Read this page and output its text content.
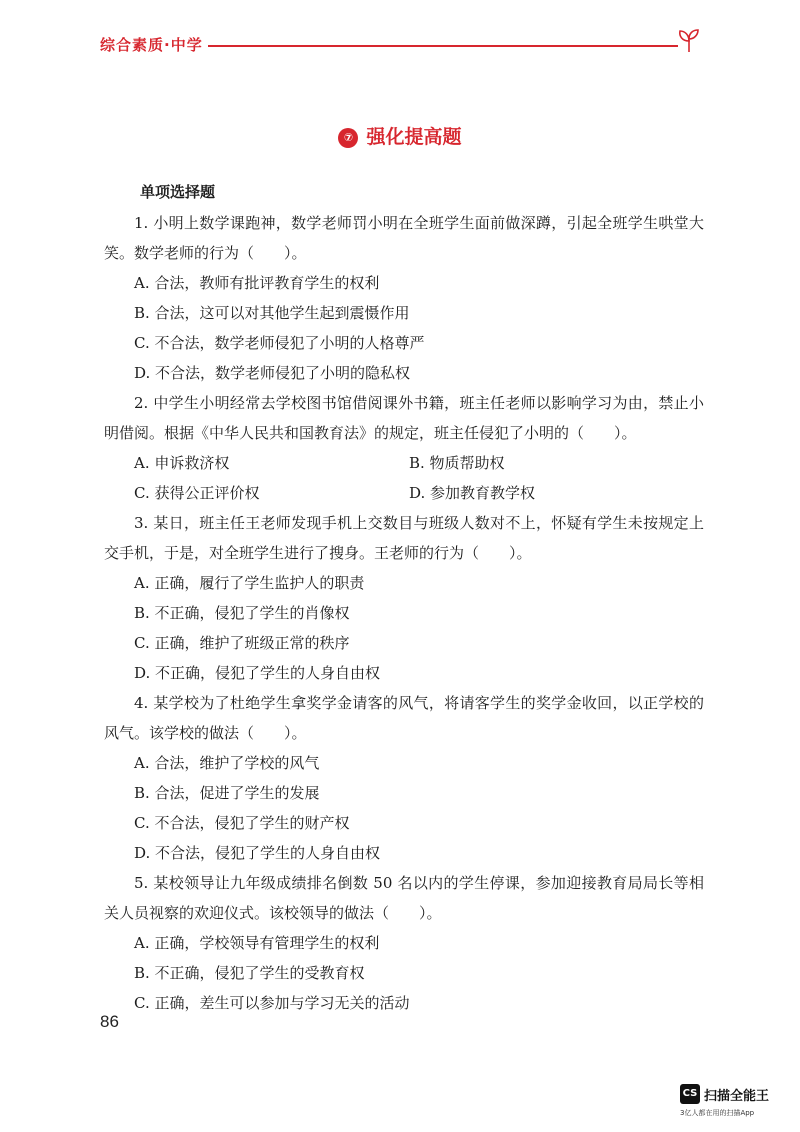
综合素质·中学
⑦ 强化提高题
单项选择题

1. 小明上数学课跑神，数学老师罚小明在全班学生面前做深蹲，引起全班学生哄堂大笑。数学老师的行为（　　）。

A. 合法，教师有批评教育学生的权利

B. 合法，这可以对其他学生起到震慑作用

C. 不合法，数学老师侵犯了小明的人格尊严

D. 不合法，数学老师侵犯了小明的隐私权

2. 中学生小明经常去学校图书馆借阅课外书籍，班主任老师以影响学习为由，禁止小明借阅。根据《中华人民共和国教育法》的规定，班主任侵犯了小明的（　　）。

A. 申诉救济权	B. 物质帮助权

C. 获得公正评价权	D. 参加教育教学权

3. 某日，班主任王老师发现手机上交数目与班级人数对不上，怀疑有学生未按规定上交手机，于是，对全班学生进行了搜身。王老师的行为（　　）。

A. 正确，履行了学生监护人的职责

B. 不正确，侵犯了学生的肖像权

C. 正确，维护了班级正常的秩序

D. 不正确，侵犯了学生的人身自由权

4. 某学校为了杜绝学生拿奖学金请客的风气，将请客学生的奖学金收回，以正学校的风气。该学校的做法（　　）。

A. 合法，维护了学校的风气

B. 合法，促进了学生的发展

C. 不合法，侵犯了学生的财产权

D. 不合法，侵犯了学生的人身自由权

5. 某校领导让九年级成绩排名倒数 50 名以内的学生停课，参加迎接教育局局长等相关人员视察的欢迎仪式。该校领导的做法（　　）。

A. 正确，学校领导有管理学生的权利

B. 不正确，侵犯了学生的受教育权

C. 正确，差生可以参加与学习无关的活动

86
CS 扫描全能王
3亿人都在用的扫描App
